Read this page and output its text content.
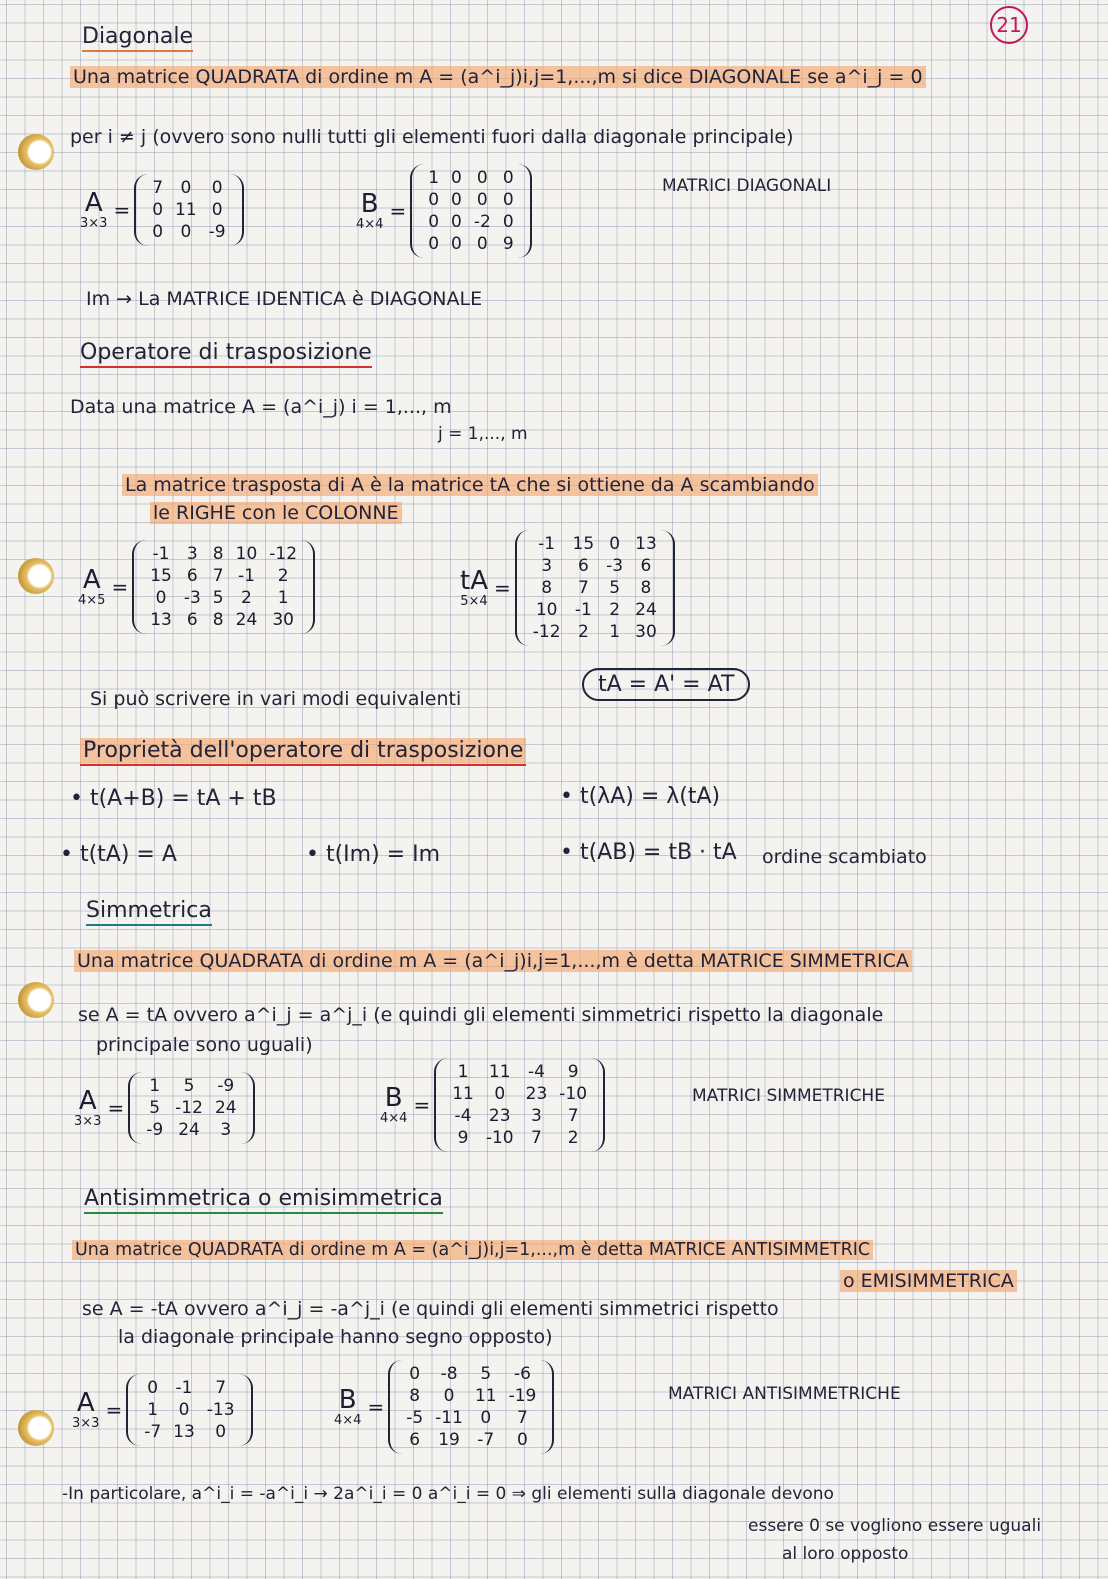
21
Diagonale
Una matrice QUADRATA di ordine m A = (a^i_j)i,j=1,...,m si dice DIAGONALE se a^i_j = 0
per i ≠ j (ovvero sono nulli tutti gli elementi fuori dalla diagonale principale)
A
3×3
=
7	0	0
0	11	0
0	0	-9
B
4×4
=
1	0	0	0
0	0	0	0
0	0	-2	0
0	0	0	9
MATRICI DIAGONALI
Im → La MATRICE IDENTICA è DIAGONALE
Operatore di trasposizione
Data una matrice A = (a^i_j) i = 1,..., m
j = 1,..., m
La matrice trasposta di A è la matrice tA che si ottiene da A scambiando
le RIGHE con le COLONNE
A
4×5
=
-1	3	8	10	-12
15	6	7	-1	2
0	-3	5	2	1
13	6	8	24	30
tA
5×4
=
-1	15	0	13
3	6	-3	6
8	7	5	8
10	-1	2	24
-12	2	1	30
Si può scrivere in vari modi equivalenti
tA = A' = AT
Proprietà dell'operatore di trasposizione
• t(A+B) = tA + tB	• t(λA) = λ(tA)
• t(tA) = A	• t(Im) = Im	• t(AB) = tB · tA ordine scambiato
Simmetrica
Una matrice QUADRATA di ordine m A = (a^i_j)i,j=1,...,m è detta MATRICE SIMMETRICA
se A = tA ovvero a^i_j = a^j_i (e quindi gli elementi simmetrici rispetto la diagonale
principale sono uguali)
A
3×3
=
1	5	-9
5	-12	24
-9	24	3
B
4×4
=
1	11	-4	9
11	0	23	-10
-4	23	3	7
9	-10	7	2
MATRICI SIMMETRICHE
Antisimmetrica o emisimmetrica
Una matrice QUADRATA di ordine m A = (a^i_j)i,j=1,...,m è detta MATRICE ANTISIMMETRIC
o EMISIMMETRICA
se A = -tA ovvero a^i_j = -a^j_i (e quindi gli elementi simmetrici rispetto
la diagonale principale hanno segno opposto)
A
3×3
=
0	-1	7
1	0	-13
-7	13	0
B
4×4
=
0	-8	5	-6
8	0	11	-19
-5	-11	0	7
6	19	-7	0
MATRICI ANTISIMMETRICHE
-In particolare, a^i_i = -a^i_i → 2a^i_i = 0 a^i_i = 0 ⇒ gli elementi sulla diagonale devono
essere 0 se vogliono essere uguali
al loro opposto
